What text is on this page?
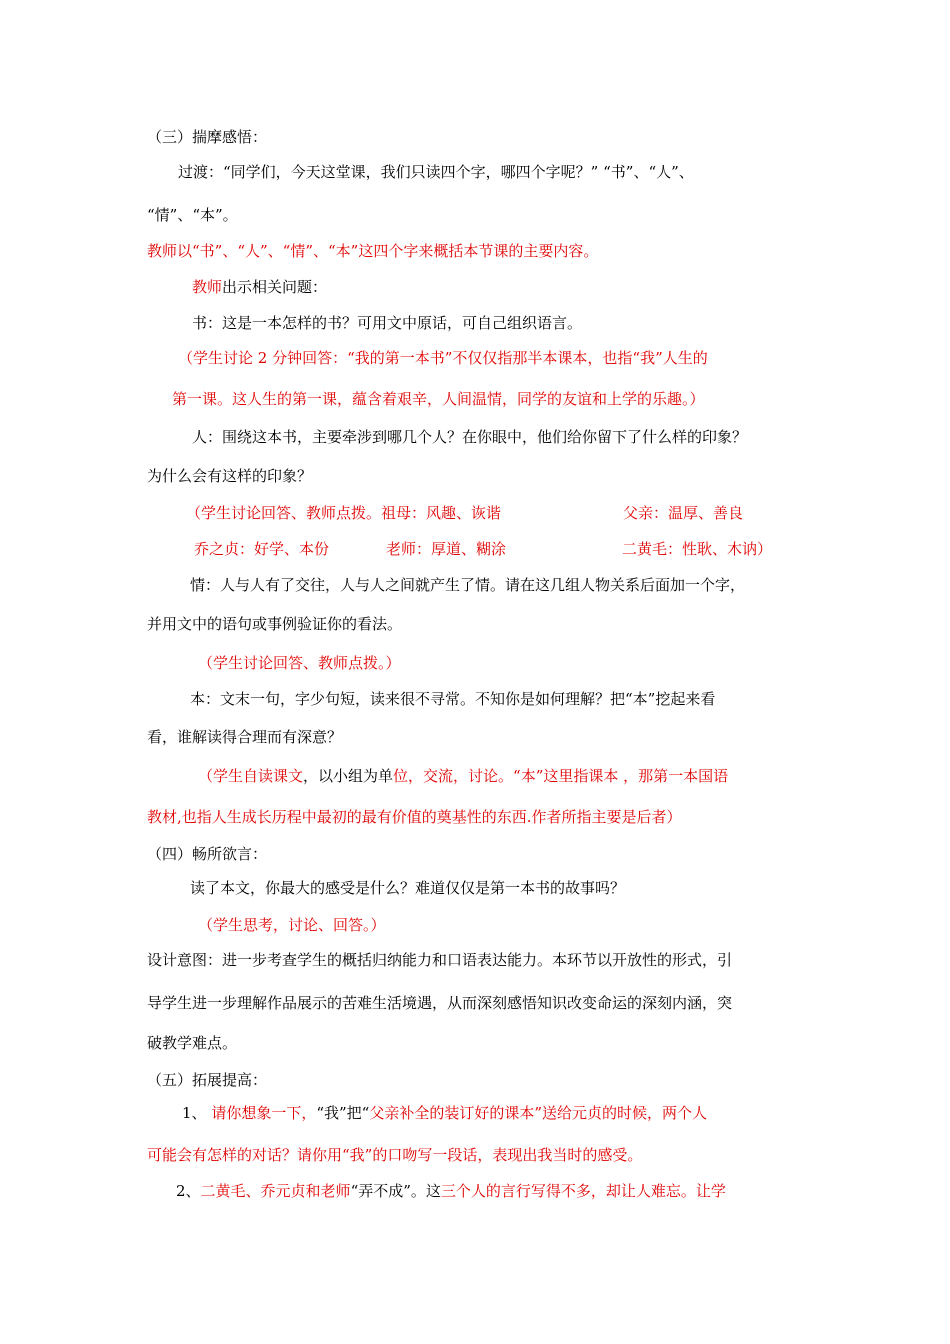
（三）揣摩感悟：
过渡：“同学们，今天这堂课，我们只读四个字，哪四个字呢？” “书”、“人”、
“情”、“本”。
教师以“书”、“人”、“情”、“本”这四个字来概括本节课的主要内容。
教师出示相关问题：
书：这是一本怎样的书？可用文中原话，可自己组织语言。
（学生讨论 2 分钟回答：“我的第一本书”不仅仅指那半本课本，也指“我”人生的
第一课。这人生的第一课，蕴含着艰辛，人间温情，同学的友谊和上学的乐趣。）
人：围绕这本书，主要牵涉到哪几个人？在你眼中，他们给你留下了什么样的印象？
为什么会有这样的印象？
（学生讨论回答、教师点拨。祖母：风趣、诙谐	父亲：温厚、善良
乔之贞：好学、本份	老师：厚道、糊涂	二黄毛：性耿、木讷）
情：人与人有了交往，人与人之间就产生了情。请在这几组人物关系后面加一个字，
并用文中的语句或事例验证你的看法。
（学生讨论回答、教师点拨。）
本：文末一句，字少句短，读来很不寻常。不知你是如何理解？把“本”挖起来看
看，谁解读得合理而有深意？
（学生自读课文，以小组为单位，交流，讨论。“本”这里指课本 ，那第一本国语
教材,也指人生成长历程中最初的最有价值的奠基性的东西.作者所指主要是后者）
（四）畅所欲言：
读了本文，你最大的感受是什么？难道仅仅是第一本书的故事吗？
（学生思考，讨论、回答。）
设计意图：进一步考查学生的概括归纳能力和口语表达能力。本环节以开放性的形式，引
导学生进一步理解作品展示的苦难生活境遇，从而深刻感悟知识改变命运的深刻内涵，突
破教学难点。
（五）拓展提高：
1、 请你想象一下，“我”把“父亲补全的装订好的课本”送给元贞的时候，两个人
可能会有怎样的对话？请你用“我”的口吻写一段话，表现出我当时的感受。
2、二黄毛、乔元贞和老师“弄不成”。这三个人的言行写得不多，却让人难忘。让学
